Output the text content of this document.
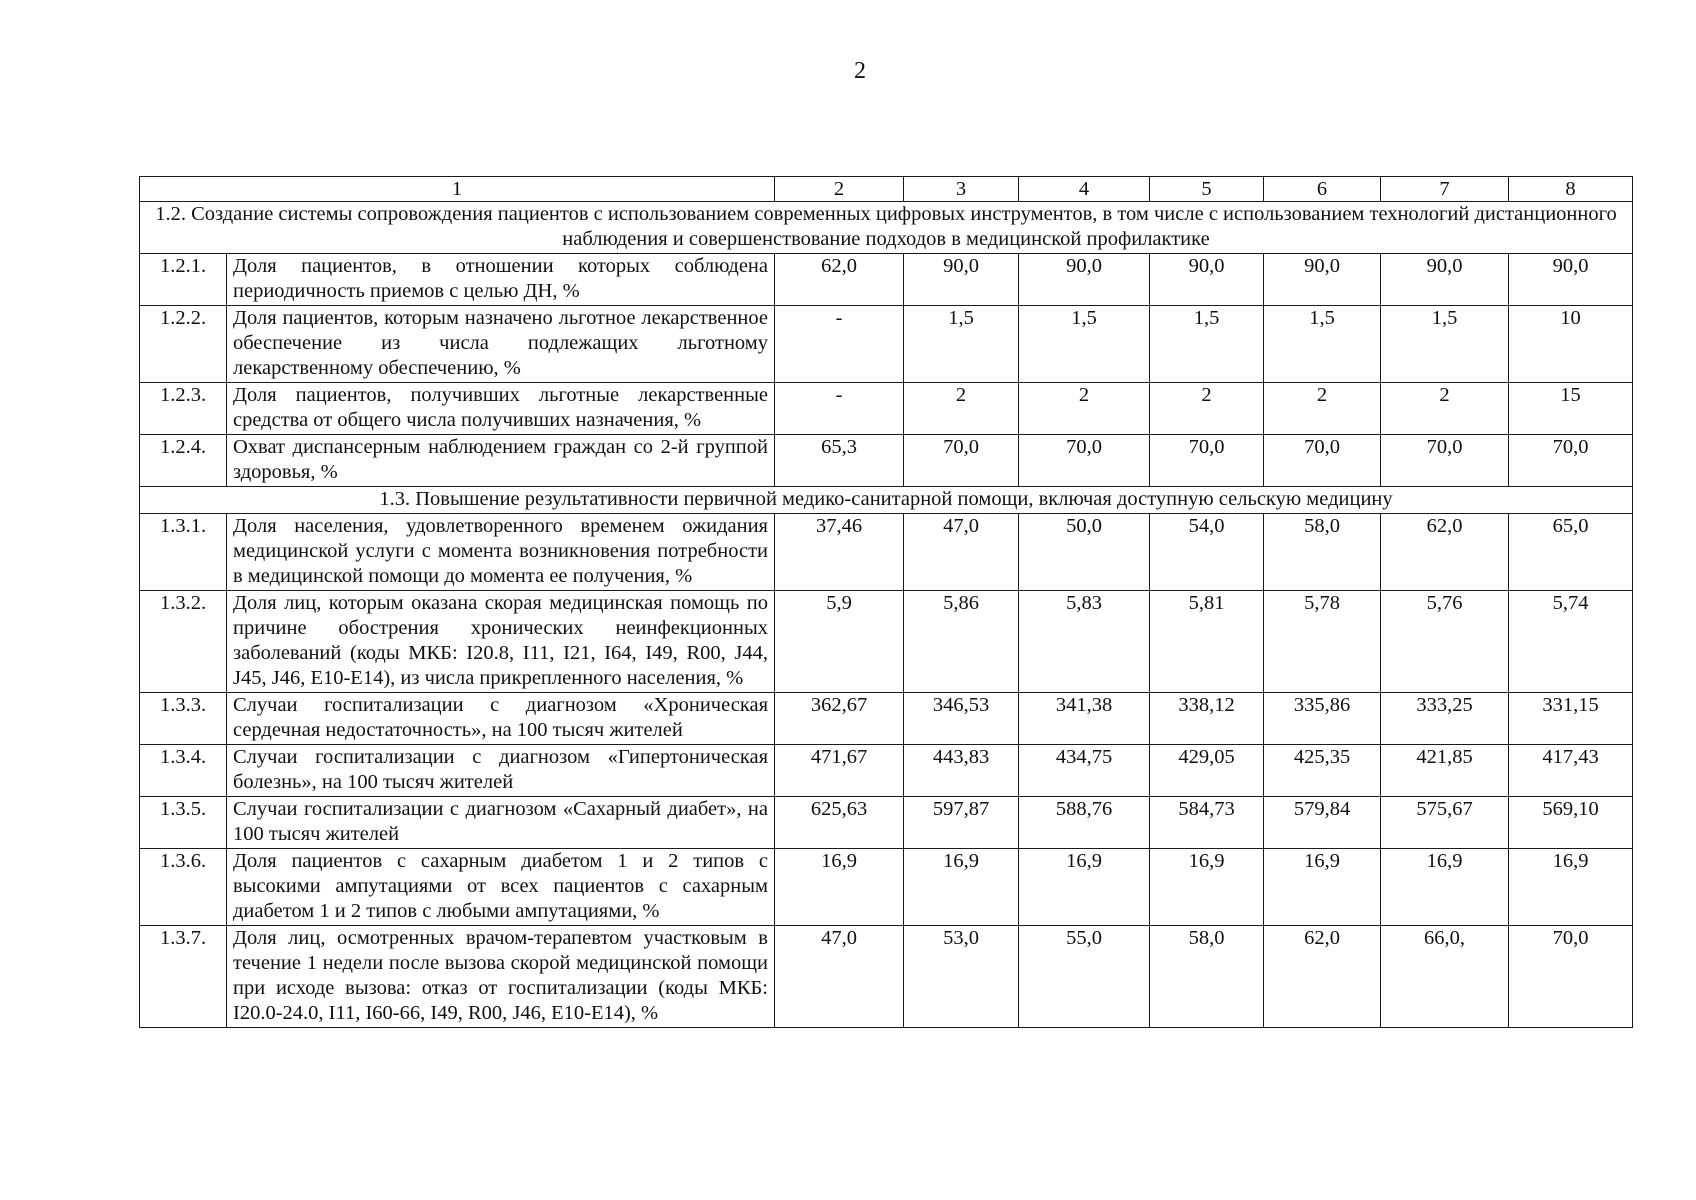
2
1		2	3	4	5	6	7	8
1.2. Создание системы сопровождения пациентов с использованием современных цифровых инструментов, в том числе с использованием технологий дистанционного наблюдения и совершенствование подходов в медицинской профилактике								
1.2.1.	Доля пациентов, в отношении которых соблюдена периодичность приемов с целью ДН, %	62,0	90,0	90,0	90,0	90,0	90,0	90,0
1.2.2.	Доля пациентов, которым назначено льготное лекарственное обеспечение из числа подлежащих льготному лекарственному обеспечению, %	-	1,5	1,5	1,5	1,5	1,5	10
1.2.3.	Доля пациентов, получивших льготные лекарственные средства от общего числа получивших назначения, %	-	2	2	2	2	2	15
1.2.4.	Охват диспансерным наблюдением граждан со 2-й группой здоровья, %	65,3	70,0	70,0	70,0	70,0	70,0	70,0
1.3. Повышение результативности первичной медико-санитарной помощи, включая доступную сельскую медицину								
1.3.1.	Доля населения, удовлетворенного временем ожидания медицинской услуги с момента возникновения потребности в медицинской помощи до момента ее получения, %	37,46	47,0	50,0	54,0	58,0	62,0	65,0
1.3.2.	Доля лиц, которым оказана скорая медицинская помощь по причине обострения хронических неинфекционных заболеваний (коды МКБ: I20.8, I11, I21, I64, I49, R00, J44, J45, J46, E10-E14), из числа прикрепленного населения, %	5,9	5,86	5,83	5,81	5,78	5,76	5,74
1.3.3.	Случаи госпитализации с диагнозом «Хроническая сердечная недостаточность», на 100 тысяч жителей	362,67	346,53	341,38	338,12	335,86	333,25	331,15
1.3.4.	Случаи госпитализации с диагнозом «Гипертоническая болезнь», на 100 тысяч жителей	471,67	443,83	434,75	429,05	425,35	421,85	417,43
1.3.5.	Случаи госпитализации с диагнозом «Сахарный диабет», на 100 тысяч жителей	625,63	597,87	588,76	584,73	579,84	575,67	569,10
1.3.6.	Доля пациентов с сахарным диабетом 1 и 2 типов с высокими ампутациями от всех пациентов с сахарным диабетом 1 и 2 типов с любыми ампутациями, %	16,9	16,9	16,9	16,9	16,9	16,9	16,9
1.3.7.	Доля лиц, осмотренных врачом-терапевтом участковым в течение 1 недели после вызова скорой медицинской помощи при исходе вызова: отказ от госпитализации (коды МКБ: I20.0-24.0, I11, I60-66, I49, R00, J46, E10-E14), %	47,0	53,0	55,0	58,0	62,0	66,0,	70,0
